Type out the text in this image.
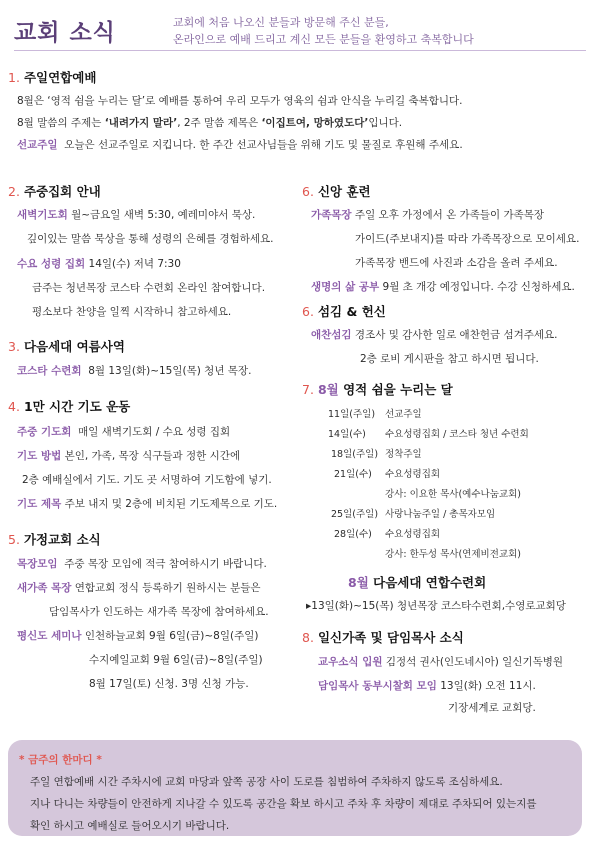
교회 소식	교회에 처음 나오신 분들과 방문해 주신 분들,
온라인으로 예배 드리고 계신 모든 분들을 환영하고 축복합니다
1. 주일연합예배
8월은 ‘영적 쉼을 누리는 달’로 예배를 통하여 우리 모두가 영육의 쉼과 안식을 누리길 축복합니다.
8월 말씀의 주제는 ‘내려가지 말라’, 2주 말씀 제목은 ‘이집트여, 망하였도다’입니다.
선교주일 오늘은 선교주일로 지킵니다. 한 주간 선교사님들을 위해 기도 및 물질로 후원해 주세요.
2. 주중집회 안내
새벽기도회 월~금요일 새벽 5:30, 예레미야서 묵상.
깊이있는 말씀 묵상을 통해 성령의 은혜를 경험하세요.
수요 성령 집회 14일(수) 저녁 7:30
금주는 청년목장 코스타 수련회 온라인 참여합니다.
평소보다 찬양을 일찍 시작하니 참고하세요.
3. 다음세대 여름사역
코스타 수련회 8월 13일(화)~15일(목) 청년 목장.
4. 1만 시간 기도 운동
주중 기도회 매일 새벽기도회 / 수요 성령 집회
기도 방법 본인, 가족, 목장 식구들과 정한 시간에
2층 예배실에서 기도. 기도 곳 서명하여 기도함에 넣기.
기도 제목 주보 내지 및 2층에 비치된 기도제목으로 기도.
5. 가정교회 소식
목장모임 주중 목장 모임에 적극 참여하시기 바랍니다.
새가족 목장 연합교회 정식 등록하기 원하시는 분들은
담임목사가 인도하는 새가족 목장에 참여하세요.
평신도 세미나 인천하늘교회 9월 6일(금)~8일(주일)
수지예일교회 9월 6일(금)~8일(주일)
8월 17일(토) 신청. 3명 신청 가능.
6. 신앙 훈련
가족목장 주일 오후 가정에서 온 가족들이 가족목장
가이드(주보내지)를 따라 가족목장으로 모이세요.
가족목장 밴드에 사진과 소감을 올려 주세요.
생명의 삶 공부 9월 초 개강 예정입니다. 수강 신청하세요.
6. 섬김 & 헌신
애찬섬김 경조사 및 감사한 일로 애찬헌금 섬겨주세요.
2층 로비 게시판을 참고 하시면 됩니다.
7. 8월 영적 쉼을 누리는 달
11일(주일) 선교주일
14일(수) 수요성령집회 / 코스타 청년 수련회
18일(주일) 정착주일
21일(수) 수요성령집회
강사: 이요한 목사(예수나눔교회)
25일(주일) 사랑나눔주일 / 총목자모임
28일(수) 수요성령집회
강사: 한두성 목사(연제비전교회)
8월 다음세대 연합수련회
▸13일(화)~15(목) 청년목장 코스타수련회,수영로교회당
8. 일신가족 및 담임목사 소식
교우소식 입원 김정석 권사(인도네시아) 일신기독병원
담임목사 동부시찰회 모임 13일(화) 오전 11시.
기장세계로 교회당.
* 금주의 한마디 *
주일 연합예배 시간 주차시에 교회 마당과 앞쪽 공장 사이 도로를 침범하여 주차하지 않도록 조심하세요.
지나 다니는 차량들이 안전하게 지나갈 수 있도록 공간을 확보 하시고 주차 후 차량이 제대로 주차되어 있는지를
확인 하시고 예배실로 들어오시기 바랍니다.
